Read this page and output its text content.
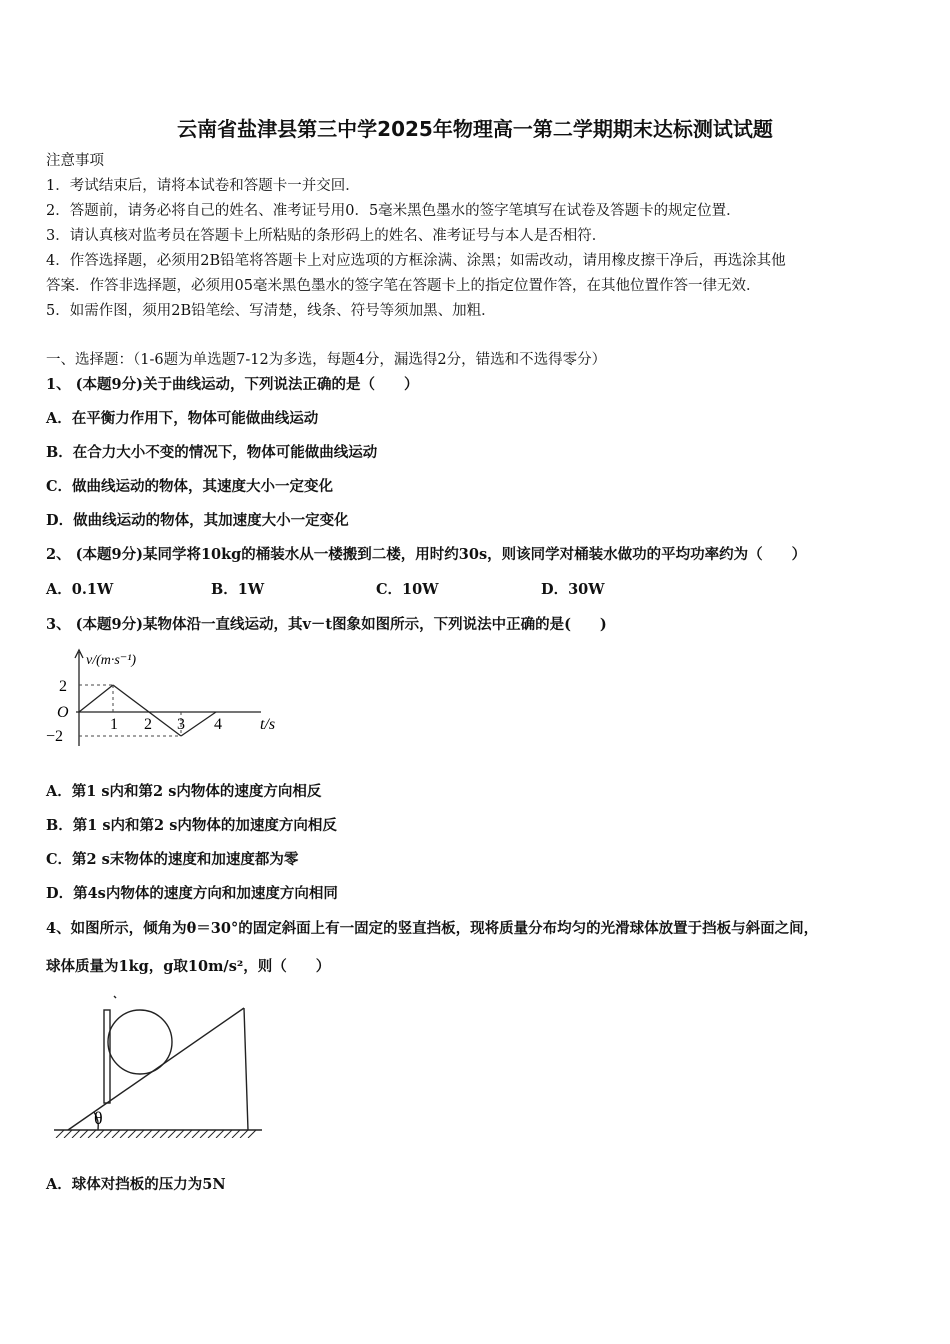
云南省盐津县第三中学2025年物理高一第二学期期末达标测试试题
注意事项
1．考试结束后，请将本试卷和答题卡一并交回．
2．答题前，请务必将自己的姓名、准考证号用0．5毫米黑色墨水的签字笔填写在试卷及答题卡的规定位置．
3．请认真核对监考员在答题卡上所粘贴的条形码上的姓名、准考证号与本人是否相符．
4．作答选择题，必须用2B铅笔将答题卡上对应选项的方框涂满、涂黑；如需改动，请用橡皮擦干净后，再选涂其他
答案．作答非选择题，必须用05毫米黑色墨水的签字笔在答题卡上的指定位置作答，在其他位置作答一律无效．
5．如需作图，须用2B铅笔绘、写清楚，线条、符号等须加黑、加粗．
一、选择题：（1-6题为单选题7-12为多选，每题4分，漏选得2分，错选和不选得零分）
1、 (本题9分)关于曲线运动，下列说法正确的是（　　）
A．在平衡力作用下，物体可能做曲线运动
B．在合力大小不变的情况下，物体可能做曲线运动
C．做曲线运动的物体，其速度大小一定变化
D．做曲线运动的物体，其加速度大小一定变化
2、 (本题9分)某同学将10kg的桶装水从一楼搬到二楼，用时约30s，则该同学对桶装水做功的平均功率约为（　　）
A．0.1W	B．1W	C．10W	D．30W
3、 (本题9分)某物体沿一直线运动，其v－t图象如图所示，下列说法中正确的是(　　)
v/(m·s⁻¹)
2
O
−2
1 2 3 4 t/s
A．第1 s内和第2 s内物体的速度方向相反
B．第1 s内和第2 s内物体的加速度方向相反
C．第2 s末物体的速度和加速度都为零
D．第4s内物体的速度方向和加速度方向相同
4、如图所示，倾角为θ＝30°的固定斜面上有一固定的竖直挡板，现将质量分布均匀的光滑球体放置于挡板与斜面之间，
球体质量为1kg，g取10m/s²，则（　　）
θ
A．球体对挡板的压力为5N
